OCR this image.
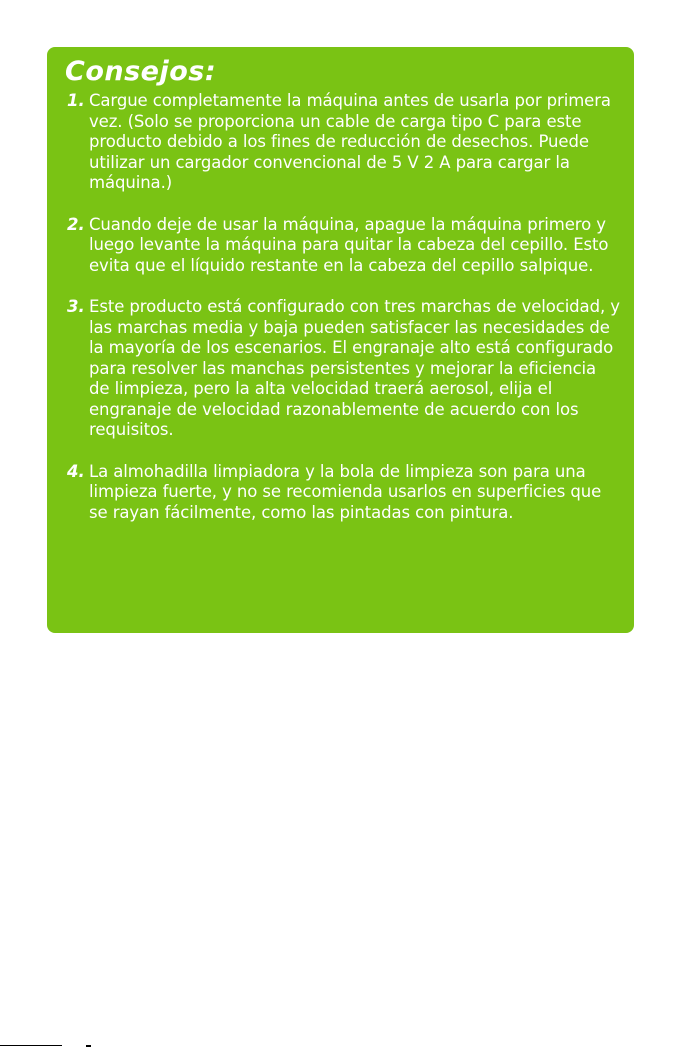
Consejos:
1. Cargue completamente la máquina antes de usarla por primera vez. (Solo se proporciona un cable de carga tipo C para este producto debido a los fines de reducción de desechos. Puede utilizar un cargador convencional de 5 V 2 A para cargar la máquina.)
2. Cuando deje de usar la máquina, apague la máquina primero y luego levante la máquina para quitar la cabeza del cepillo. Esto evita que el líquido restante en la cabeza del cepillo salpique.
3. Este producto está configurado con tres marchas de velocidad, y las marchas media y baja pueden satisfacer las necesidades de la mayoría de los escenarios. El engranaje alto está configurado para resolver las manchas persistentes y mejorar la eficiencia de limpieza, pero la alta velocidad traerá aerosol, elija el engranaje de velocidad razonablemente de acuerdo con los requisitos.
4. La almohadilla limpiadora y la bola de limpieza son para una limpieza fuerte, y no se recomienda usarlos en superficies que se rayan fácilmente, como las pintadas con pintura.
